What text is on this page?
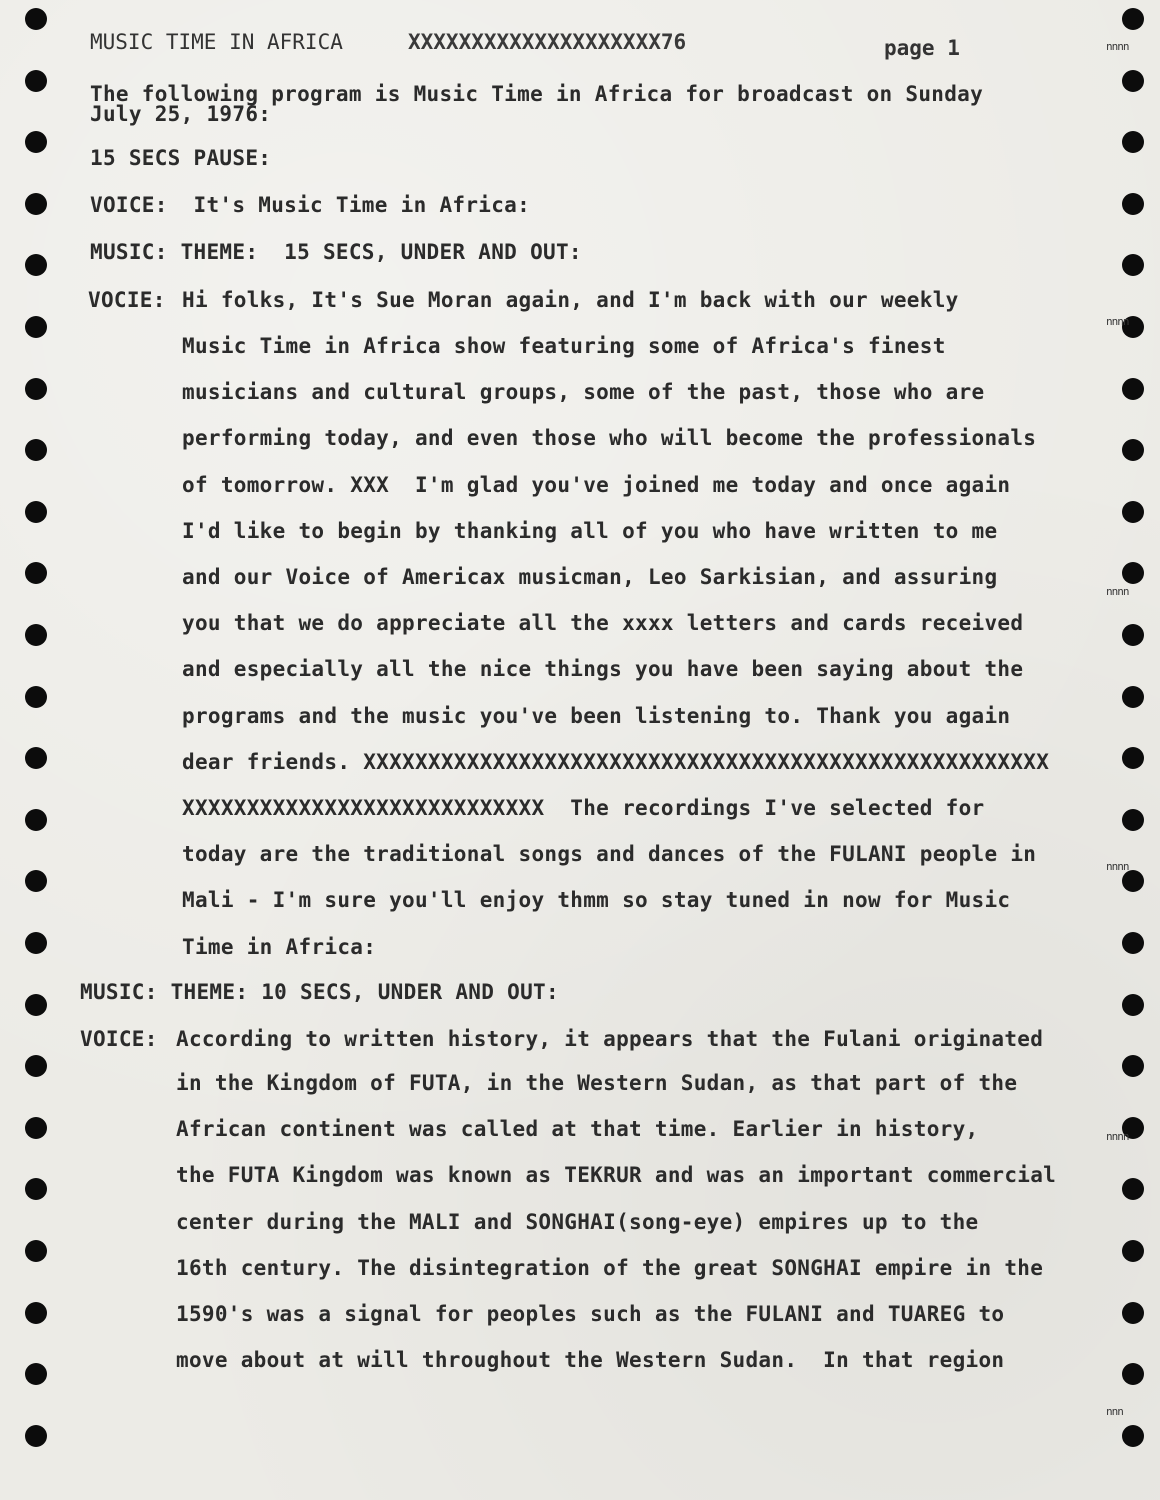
nnnn
nnnn
nnnn
nnnn
nnnn
nnn
MUSIC TIME IN AFRICA	XXXXXXXXXXXXXXXXXXXX76	page 1
The following program is Music Time in Africa for broadcast on Sunday
July 25, 1976:
15 SECS PAUSE:
VOICE:  It's Music Time in Africa:
MUSIC: THEME:  15 SECS, UNDER AND OUT:
VOCIE: Hi folks, It's Sue Moran again, and I'm back with our weekly
Music Time in Africa show featuring some of Africa's finest
musicians and cultural groups, some of the past, those who are
performing today, and even those who will become the professionals
of tomorrow. XXX  I'm glad you've joined me today and once again
I'd like to begin by thanking all of you who have written to me
and our Voice of Americax musicman, Leo Sarkisian, and assuring
you that we do appreciate all the xxxx letters and cards received
and especially all the nice things you have been saying about the
programs and the music you've been listening to. Thank you again
dear friends. XXXXXXXXXXXXXXXXXXXXXXXXXXXXXXXXXXXXXXXXXXXXXXXXXXXXX
XXXXXXXXXXXXXXXXXXXXXXXXXXXX  The recordings I've selected for
today are the traditional songs and dances of the FULANI people in
Mali - I'm sure you'll enjoy thmm so stay tuned in now for Music
Time in Africa:
MUSIC: THEME: 10 SECS, UNDER AND OUT:
VOICE: According to written history, it appears that the Fulani originated
in the Kingdom of FUTA, in the Western Sudan, as that part of the
African continent was called at that time. Earlier in history,
the FUTA Kingdom was known as TEKRUR and was an important commercial
center during the MALI and SONGHAI(song-eye) empires up to the
16th century. The disintegration of the great SONGHAI empire in the
1590's was a signal for peoples such as the FULANI and TUAREG to
move about at will throughout the Western Sudan.  In that region
